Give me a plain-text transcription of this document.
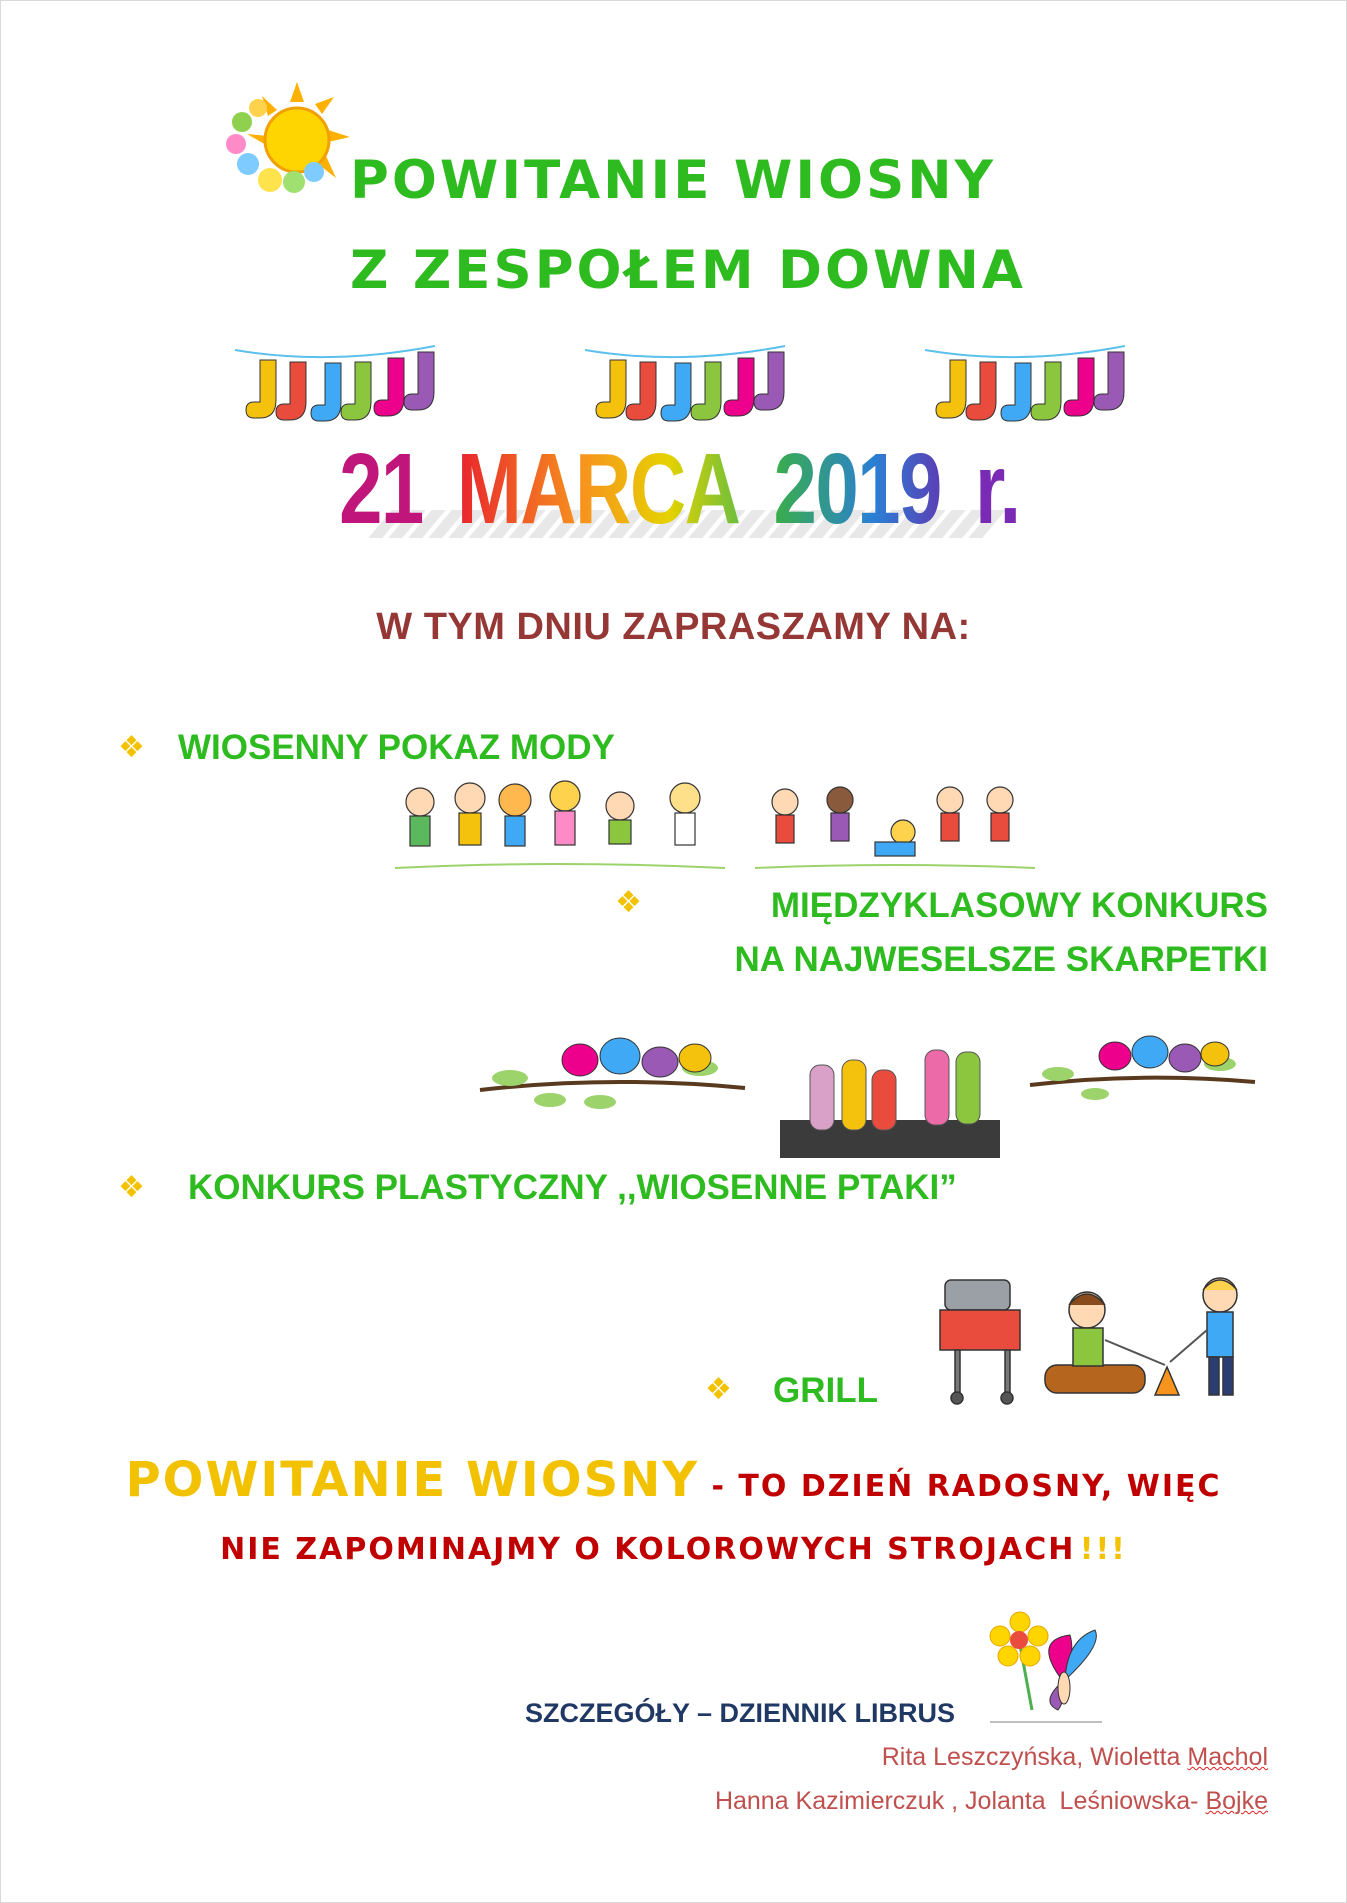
POWITANIE WIOSNY
Z ZESPOŁEM DOWNA
21 MARCA 2019 r.
W TYM DNIU ZAPRASZAMY NA:
❖ WIOSENNY POKAZ MODY
❖	MIĘDZYKLASOWY KONKURS
NA NAJWESELSZE SKARPETKI
❖ KONKURS PLASTYCZNY ,,WIOSENNE PTAKI”
❖ GRILL
POWITANIE WIOSNY - TO DZIEŃ RADOSNY, WIĘC
NIE ZAPOMINAJMY O KOLOROWYCH STROJACH !!!
SZCZEGÓŁY – DZIENNIK LIBRUS
Rita Leszczyńska, Wioletta Machol
Hanna Kazimierczuk , Jolanta  Leśniowska- Bojke
